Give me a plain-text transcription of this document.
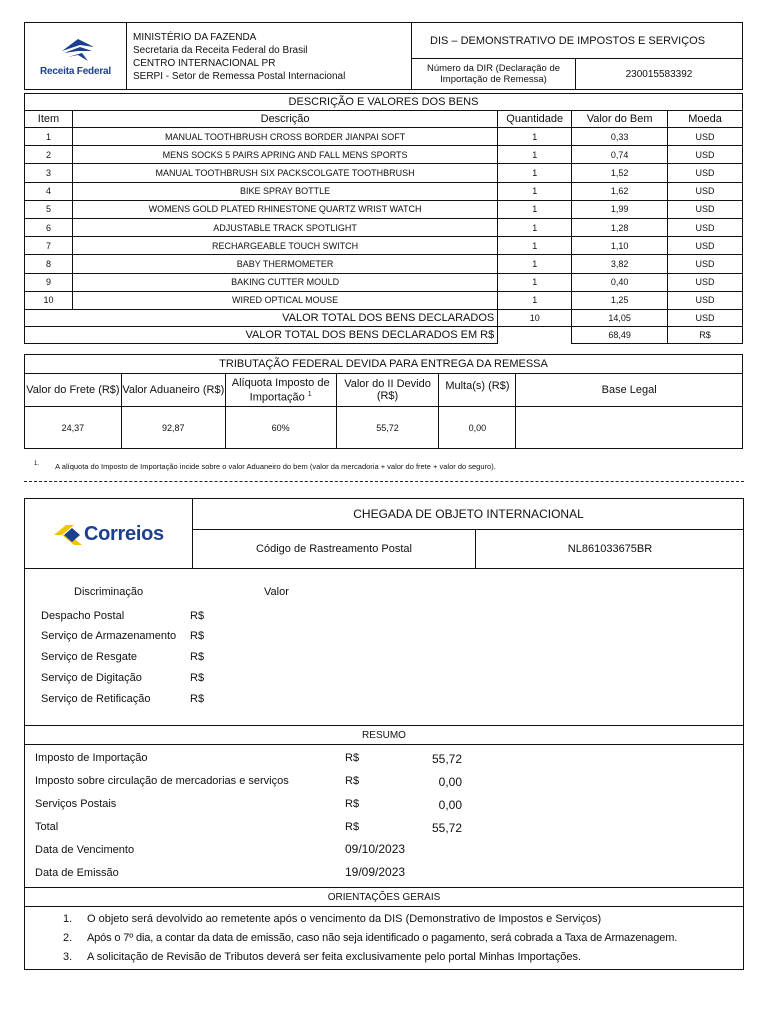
Receita Federal
MINISTÉRIO DA FAZENDA
Secretaria da Receita Federal do Brasil
CENTRO INTERNACIONAL PR
SERPI - Setor de Remessa Postal Internacional
DIS – DEMONSTRATIVO DE IMPOSTOS E SERVIÇOS
Número da DIR (Declaração de Importação de Remessa)	230015583392
DESCRIÇÃO E VALORES DOS BENS				
Item	Descrição	Quantidade	Valor do Bem	Moeda
1	MANUAL TOOTHBRUSH CROSS BORDER JIANPAI SOFT	1	0,33	USD
2	MENS SOCKS 5 PAIRS APRING AND FALL MENS SPORTS	1	0,74	USD
3	MANUAL TOOTHBRUSH SIX PACKSCOLGATE TOOTHBRUSH	1	1,52	USD
4	BIKE SPRAY BOTTLE	1	1,62	USD
5	WOMENS GOLD PLATED RHINESTONE QUARTZ WRIST WATCH	1	1,99	USD
6	ADJUSTABLE TRACK SPOTLIGHT	1	1,28	USD
7	RECHARGEABLE TOUCH SWITCH	1	1,10	USD
8	BABY THERMOMETER	1	3,82	USD
9	BAKING CUTTER MOULD	1	0,40	USD
10	WIRED OPTICAL MOUSE	1	1,25	USD
VALOR TOTAL DOS BENS DECLARADOS		10	14,05	USD
VALOR TOTAL DOS BENS DECLARADOS EM R$			68,49	R$
TRIBUTAÇÃO FEDERAL DEVIDA PARA ENTREGA DA REMESSA					
Valor do Frete (R$)	Valor Aduaneiro (R$)	Alíquota Imposto de Importação $^1$	Valor do II Devido (R$)	Multa(s) (R$)	Base Legal
24,37	92,87	60%	55,72	0,00	
$^{1.}$ A alíquota do Imposto de Importação incide sobre o valor Aduaneiro do bem (valor da mercadoria + valor do frete + valor do seguro).
Correios
CHEGADA DE OBJETO INTERNACIONAL
Código de Rastreamento Postal	NL861033675BR
Discriminação	Valor
Despacho Postal	R$
Serviço de Armazenamento R$
Serviço de Resgate	R$
Serviço de Digitação	R$
Serviço de Retificação	R$
RESUMO
Imposto de Importação	R$	55,72
Imposto sobre circulação de mercadorias e serviços	R$	0,00
Serviços Postais	R$	0,00
Total	R$	55,72
Data de Vencimento	09/10/2023
Data de Emissão	19/09/2023
ORIENTAÇÕES GERAIS
1. O objeto será devolvido ao remetente após o vencimento da DIS (Demonstrativo de Impostos e Serviços)
2. Após o 7º dia, a contar da data de emissão, caso não seja identificado o pagamento, será cobrada a Taxa de Armazenagem.
3. A solicitação de Revisão de Tributos deverá ser feita exclusivamente pelo portal Minhas Importações.
